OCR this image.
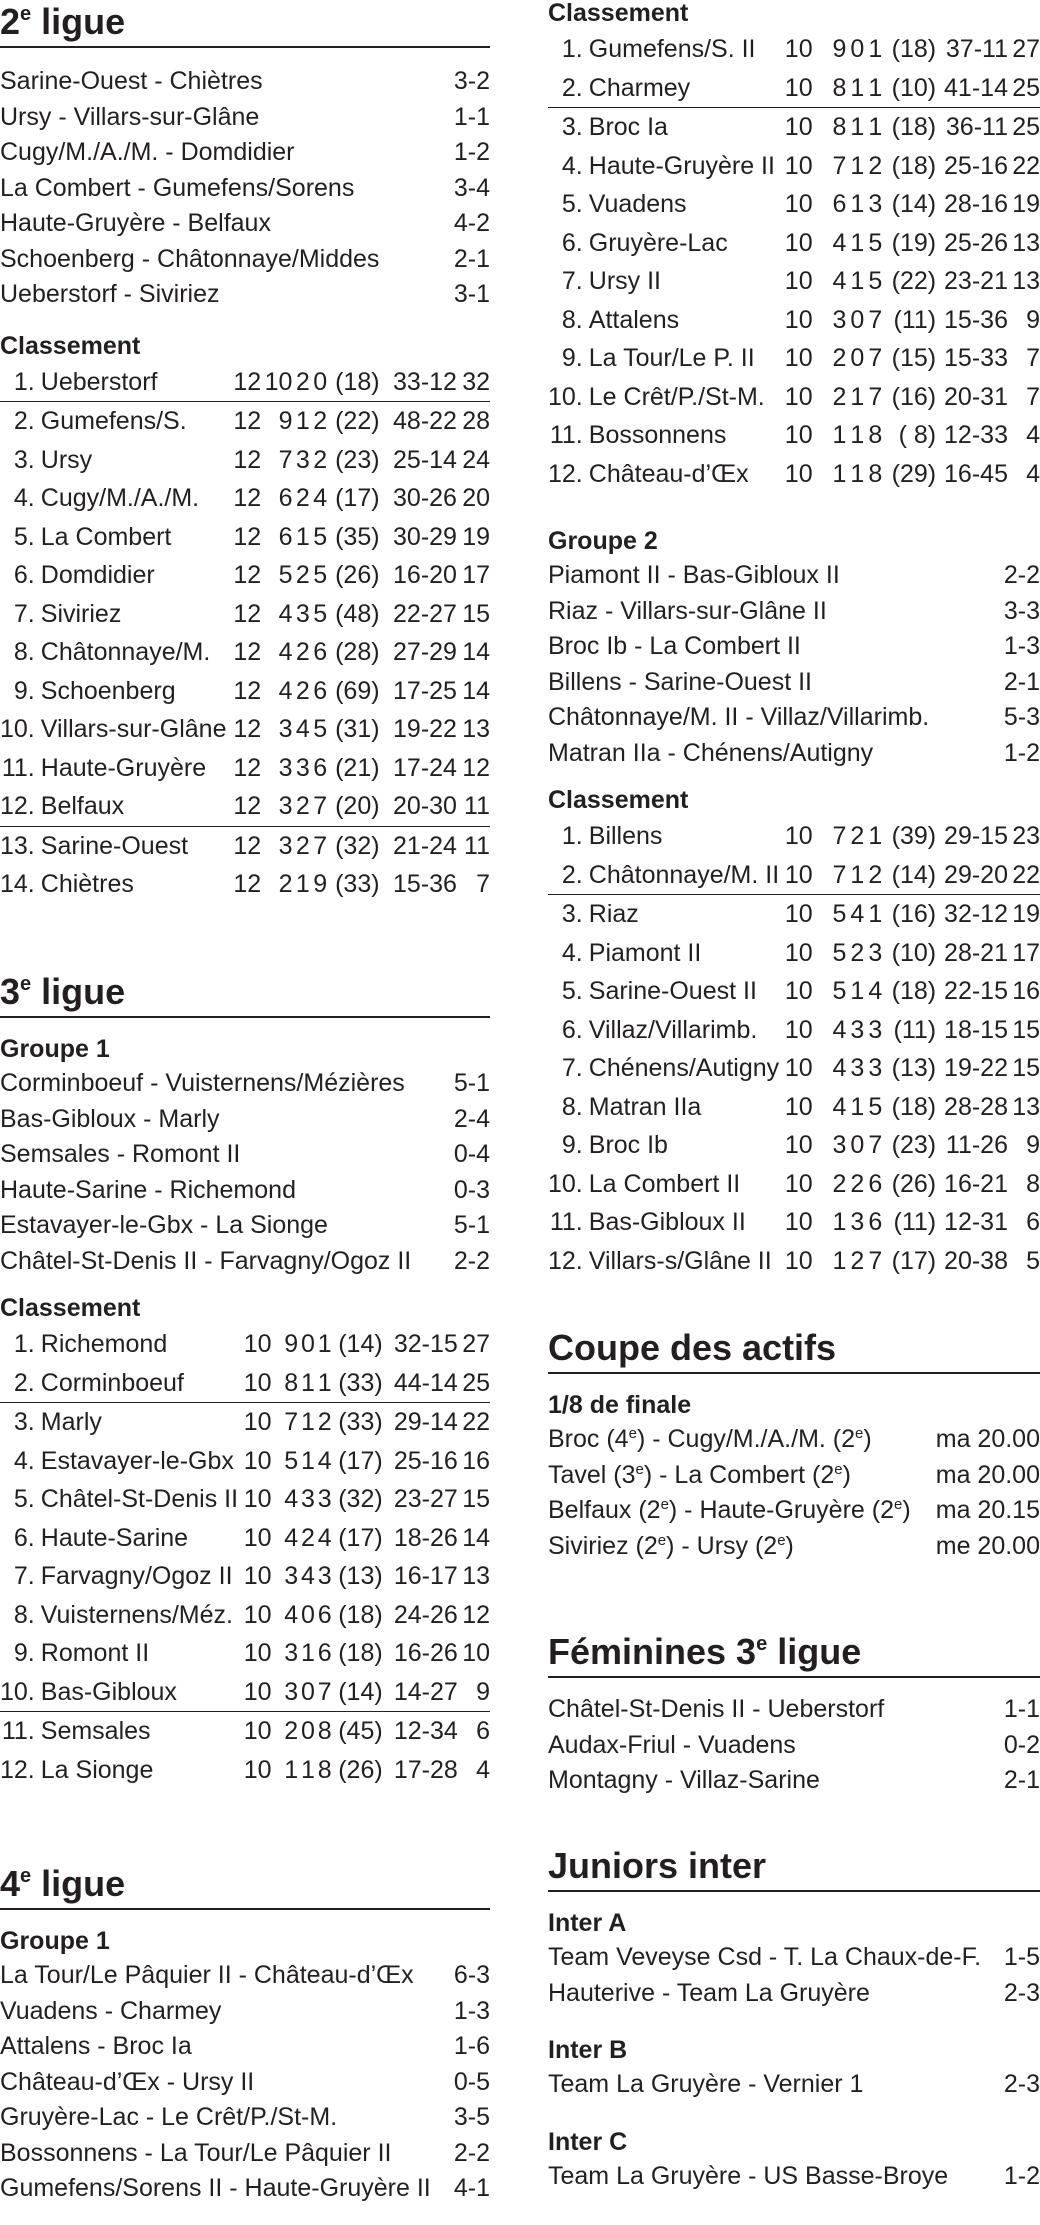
2e ligue
Sarine-Ouest - Chiètres	3-2
Ursy - Villars-sur-Glâne	1-1
Cugy/M./A./M. - Domdidier	1-2
La Combert - Gumefens/Sorens	3-4
Haute-Gruyère - Belfaux	4-2
Schoenberg - Châtonnaye/Middes	2-1
Ueberstorf - Siviriez	3-1
Classement
1.	Ueberstorf	12	10	2	0	(18)	33-12	32
2.	Gumefens/S.	12	9	1	2	(22)	48-22	28
3.	Ursy	12	7	3	2	(23)	25-14	24
4.	Cugy/M./A./M.	12	6	2	4	(17)	30-26	20
5.	La Combert	12	6	1	5	(35)	30-29	19
6.	Domdidier	12	5	2	5	(26)	16-20	17
7.	Siviriez	12	4	3	5	(48)	22-27	15
8.	Châtonnaye/M.	12	4	2	6	(28)	27-29	14
9.	Schoenberg	12	4	2	6	(69)	17-25	14
10.	Villars-sur-Glâne	12	3	4	5	(31)	19-22	13
11.	Haute-Gruyère	12	3	3	6	(21)	17-24	12
12.	Belfaux	12	3	2	7	(20)	20-30	11
13.	Sarine-Ouest	12	3	2	7	(32)	21-24	11
14.	Chiètres	12	2	1	9	(33)	15-36	7
3e ligue
Groupe 1
Corminboeuf - Vuisternens/Mézières 5-1
Bas-Gibloux - Marly	2-4
Semsales - Romont II	0-4
Haute-Sarine - Richemond	0-3
Estavayer-le-Gbx - La Sionge	5-1
Châtel-St-Denis II - Farvagny/Ogoz II 2-2
Classement
1.	Richemond	10	9	0	1	(14)	32-15	27
2.	Corminboeuf	10	8	1	1	(33)	44-14	25
3.	Marly	10	7	1	2	(33)	29-14	22
4.	Estavayer-le-Gbx	10	5	1	4	(17)	25-16	16
5.	Châtel-St-Denis II	10	4	3	3	(32)	23-27	15
6.	Haute-Sarine	10	4	2	4	(17)	18-26	14
7.	Farvagny/Ogoz II	10	3	4	3	(13)	16-17	13
8.	Vuisternens/Méz.	10	4	0	6	(18)	24-26	12
9.	Romont II	10	3	1	6	(18)	16-26	10
10.	Bas-Gibloux	10	3	0	7	(14)	14-27	9
11.	Semsales	10	2	0	8	(45)	12-34	6
12.	La Sionge	10	1	1	8	(26)	17-28	4
4e ligue
Groupe 1
La Tour/Le Pâquier II - Château-d’Œx 6-3
Vuadens - Charmey	1-3
Attalens - Broc Ia	1-6
Château-d’Œx - Ursy II	0-5
Gruyère-Lac - Le Crêt/P./St-M.	3-5
Bossonnens - La Tour/Le Pâquier II 2-2
Gumefens/Sorens II - Haute-Gruyère II 4-1
Classement
1.	Gumefens/S. II	10	9	0	1	(18)	37-11	27
2.	Charmey	10	8	1	1	(10)	41-14	25
3.	Broc Ia	10	8	1	1	(18)	36-11	25
4.	Haute-Gruyère II	10	7	1	2	(18)	25-16	22
5.	Vuadens	10	6	1	3	(14)	28-16	19
6.	Gruyère-Lac	10	4	1	5	(19)	25-26	13
7.	Ursy II	10	4	1	5	(22)	23-21	13
8.	Attalens	10	3	0	7	(11)	15-36	9
9.	La Tour/Le P. II	10	2	0	7	(15)	15-33	7
10.	Le Crêt/P./St-M.	10	2	1	7	(16)	20-31	7
11.	Bossonnens	10	1	1	8	( 8)	12-33	4
12.	Château-d’Œx	10	1	1	8	(29)	16-45	4
Groupe 2
Piamont II - Bas-Gibloux II	2-2
Riaz - Villars-sur-Glâne II	3-3
Broc Ib - La Combert II	1-3
Billens - Sarine-Ouest II	2-1
Châtonnaye/M. II - Villaz/Villarimb.	5-3
Matran IIa - Chénens/Autigny	1-2
Classement
1.	Billens	10	7	2	1	(39)	29-15	23
2.	Châtonnaye/M. II	10	7	1	2	(14)	29-20	22
3.	Riaz	10	5	4	1	(16)	32-12	19
4.	Piamont II	10	5	2	3	(10)	28-21	17
5.	Sarine-Ouest II	10	5	1	4	(18)	22-15	16
6.	Villaz/Villarimb.	10	4	3	3	(11)	18-15	15
7.	Chénens/Autigny	10	4	3	3	(13)	19-22	15
8.	Matran IIa	10	4	1	5	(18)	28-28	13
9.	Broc Ib	10	3	0	7	(23)	11-26	9
10.	La Combert II	10	2	2	6	(26)	16-21	8
11.	Bas-Gibloux II	10	1	3	6	(11)	12-31	6
12.	Villars-s/Glâne II	10	1	2	7	(17)	20-38	5
Coupe des actifs
1/8 de finale
Broc (4e) - Cugy/M./A./M. (2e)	ma 20.00
Tavel (3e) - La Combert (2e)	ma 20.00
Belfaux (2e) - Haute-Gruyère (2e) ma 20.15
Siviriez (2e) - Ursy (2e)	me 20.00
Féminines 3e ligue
Châtel-St-Denis II - Ueberstorf	1-1
Audax-Friul - Vuadens	0-2
Montagny - Villaz-Sarine	2-1
Juniors inter
Inter A
Team Veveyse Csd - T. La Chaux-de-F. 1-5
Hauterive - Team La Gruyère	2-3
Inter B
Team La Gruyère - Vernier 1	2-3
Inter C
Team La Gruyère - US Basse-Broye 1-2
